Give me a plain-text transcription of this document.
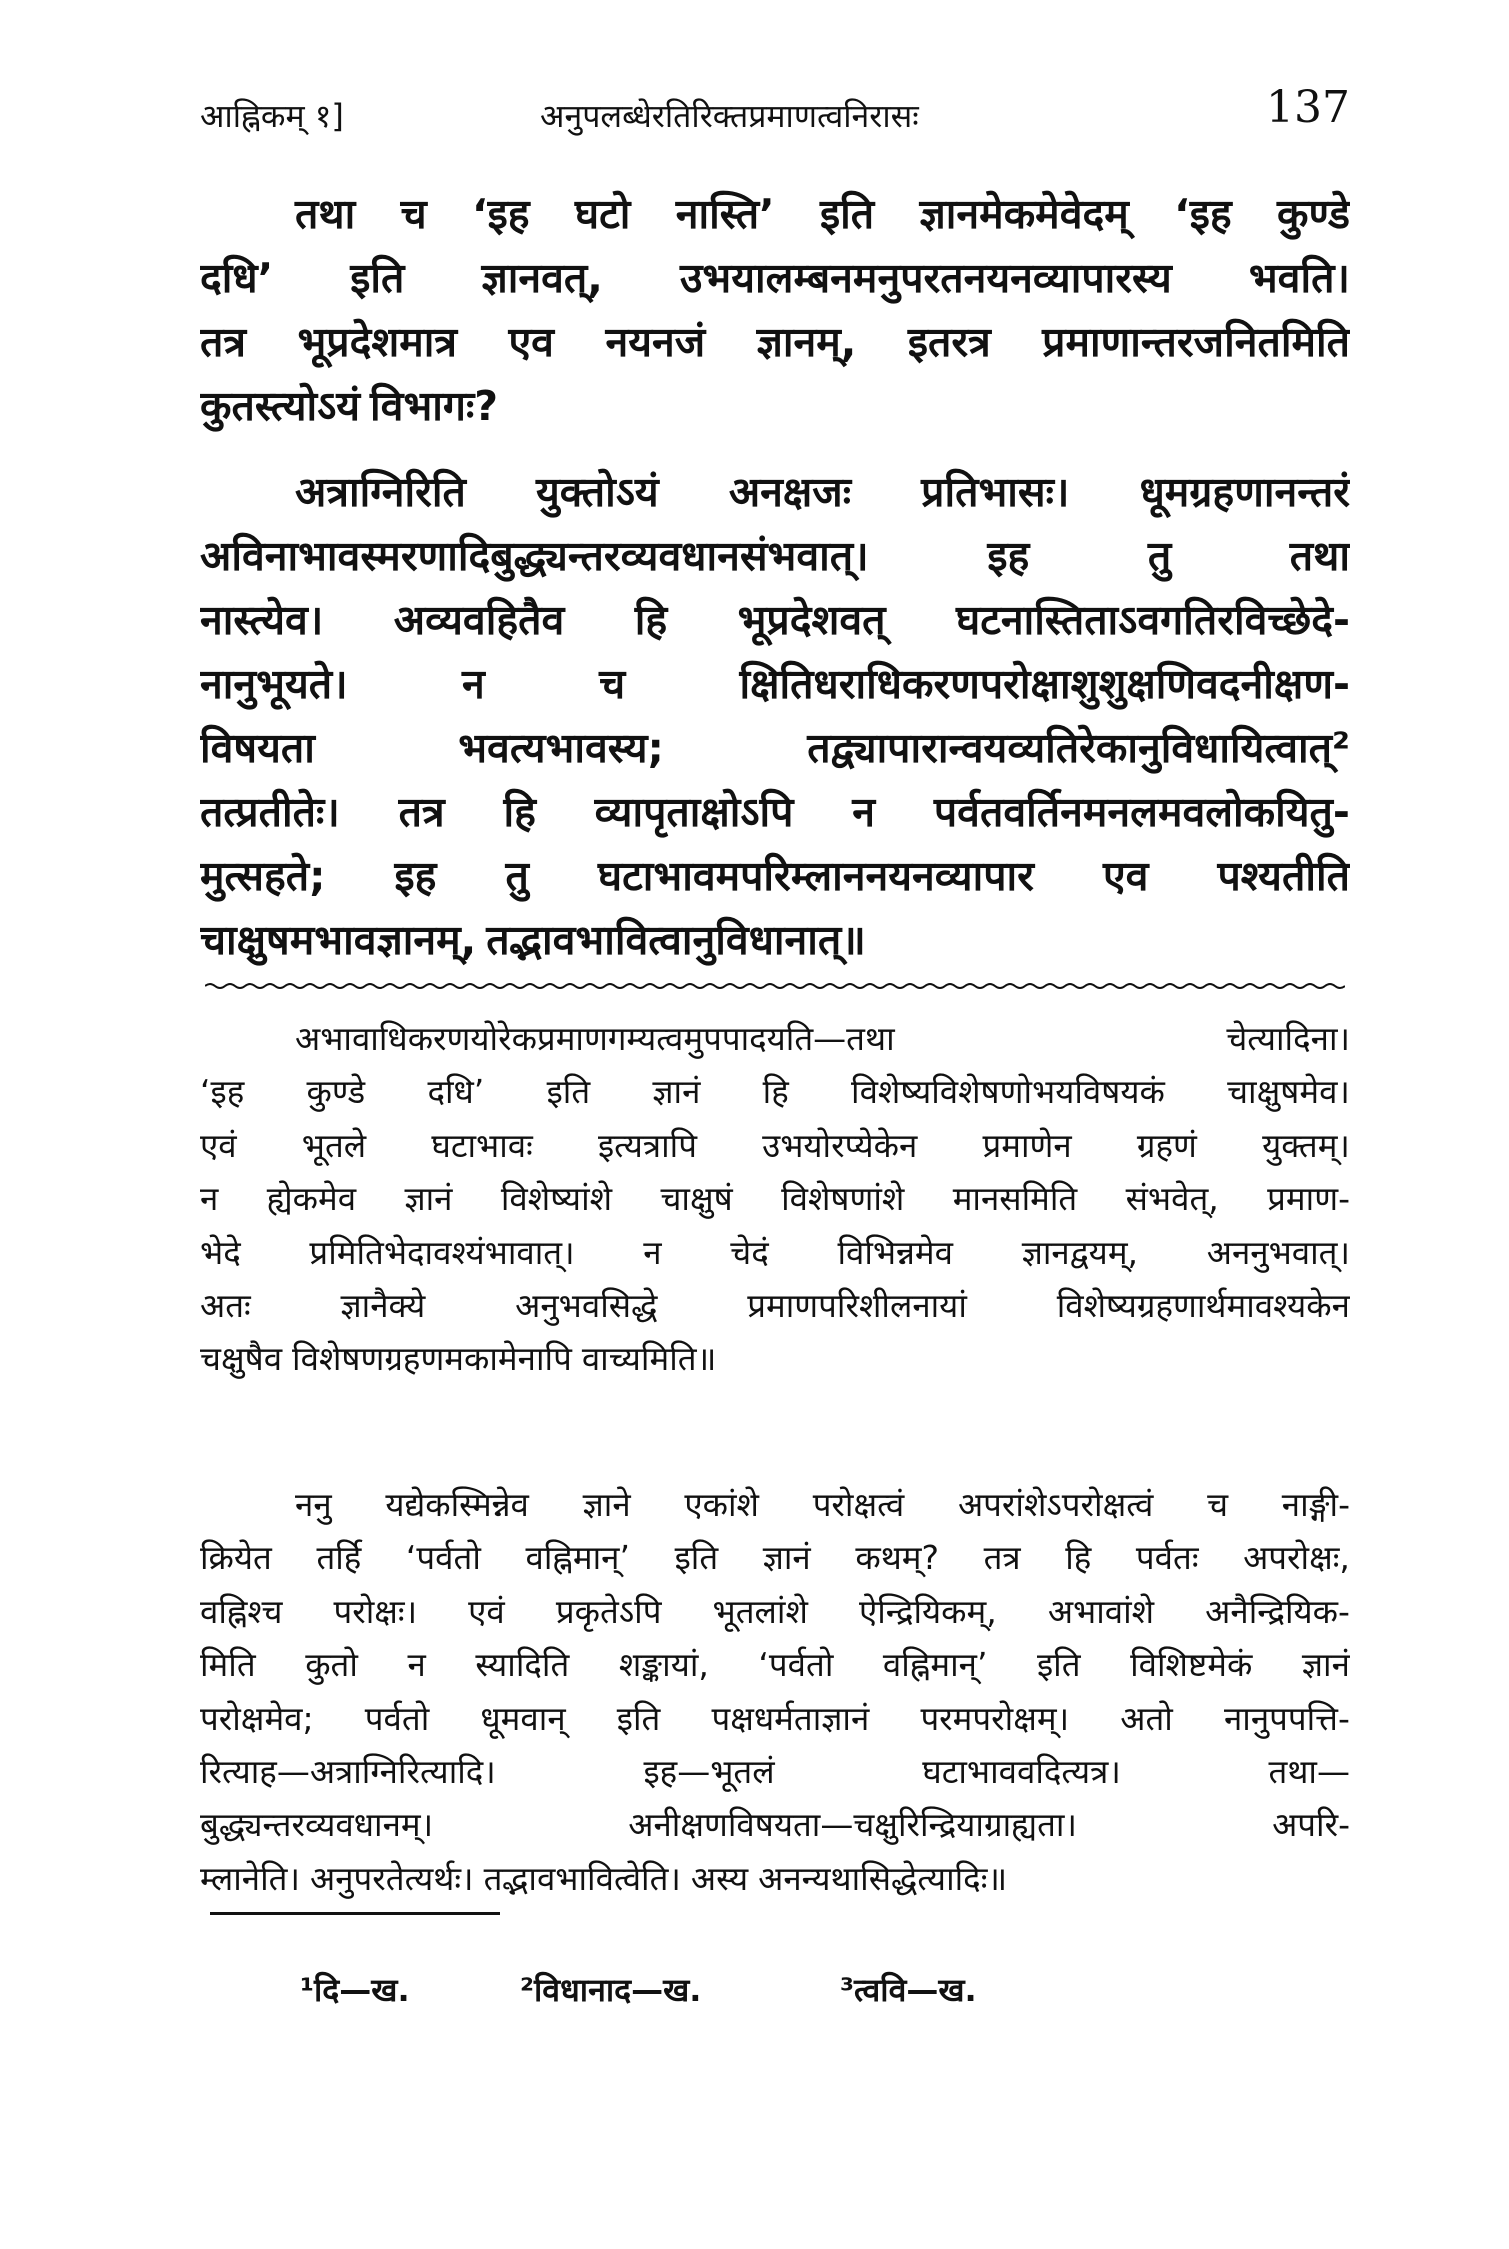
आह्निकम् १]	अनुपलब्धेरतिरिक्तप्रमाणत्वनिरासः	137
तथा च ‘इह घटो नास्ति’ इति ज्ञानमेकमेवेदम् ‘इह कुण्डे
दधि’ इति ज्ञानवत्, उभयालम्बनमनुपरतनयनव्यापारस्य भवति।
तत्र भूप्रदेशमात्र एव नयनजं ज्ञानम्, इतरत्र प्रमाणान्तरजनितमिति
कुतस्त्योऽयं विभागः?
अत्राग्निरिति युक्तोऽयं अनक्षजः प्रतिभासः। धूमग्रहणानन्तरं
अविनाभावस्मरणादिबुद्ध्यन्तरव्यवधानसंभवात्।	इह	तु	तथा
नास्त्येव। अव्यवहितैव हि भूप्रदेशवत् घटनास्तिताऽवगतिरविच्छेदे-
नानुभूयते।	न	च	क्षितिधराधिकरणपरोक्षाशुशुक्षणिवदनीक्षण-
विषयता	भवत्यभावस्य;	तद्व्यापारान्वयव्यतिरेकानुविधायित्वात्²
तत्प्रतीतेः। तत्र हि व्यापृताक्षोऽपि न पर्वतवर्तिनमनलमवलोकयितु-
मुत्सहते; इह तु घटाभावमपरिम्लाननयनव्यापार एव पश्यतीति
चाक्षुषमभावज्ञानम्, तद्भावभावित्वानुविधानात्॥
अभावाधिकरणयोरेकप्रमाणगम्यत्वमुपपादयति—तथा	चेत्यादिना।
‘इह कुण्डे दधि’ इति ज्ञानं हि विशेष्यविशेषणोभयविषयकं चाक्षुषमेव।
एवं भूतले घटाभावः इत्यत्रापि उभयोरप्येकेन प्रमाणेन ग्रहणं युक्तम्।
न ह्येकमेव ज्ञानं विशेष्यांशे चाक्षुषं विशेषणांशे मानसमिति संभवेत्, प्रमाण-
भेदे प्रमितिभेदावश्यंभावात्। न चेदं विभिन्नमेव ज्ञानद्वयम्, अननुभवात्।
अतः	ज्ञानैक्ये	अनुभवसिद्धे	प्रमाणपरिशीलनायां	विशेष्यग्रहणार्थमावश्यकेन
चक्षुषैव विशेषणग्रहणमकामेनापि वाच्यमिति॥
ननु यद्येकस्मिन्नेव ज्ञाने एकांशे परोक्षत्वं अपरांशेऽपरोक्षत्वं च नाङ्गी-
क्रियेत तर्हि ‘पर्वतो वह्निमान्’ इति ज्ञानं कथम्? तत्र हि पर्वतः अपरोक्षः,
वह्निश्च परोक्षः। एवं प्रकृतेऽपि भूतलांशे ऐन्द्रियिकम्, अभावांशे अनैन्द्रियिक-
मिति कुतो न स्यादिति शङ्कायां, ‘पर्वतो वह्निमान्’ इति विशिष्टमेकं ज्ञानं
परोक्षमेव; पर्वतो धूमवान् इति पक्षधर्मताज्ञानं परमपरोक्षम्। अतो नानुपपत्ति-
रित्याह—अत्राग्निरित्यादि।	इह—भूतलं	घटाभाववदित्यत्र।	तथा—
बुद्ध्यन्तरव्यवधानम्।	अनीक्षणविषयता—चक्षुरिन्द्रियाग्राह्यता।	अपरि-
म्लानेति। अनुपरतेत्यर्थः। तद्भावभावित्वेति। अस्य अनन्यथासिद्धेत्यादिः॥
¹दि—ख.	²विधानाद—ख.	³त्ववि—ख.
